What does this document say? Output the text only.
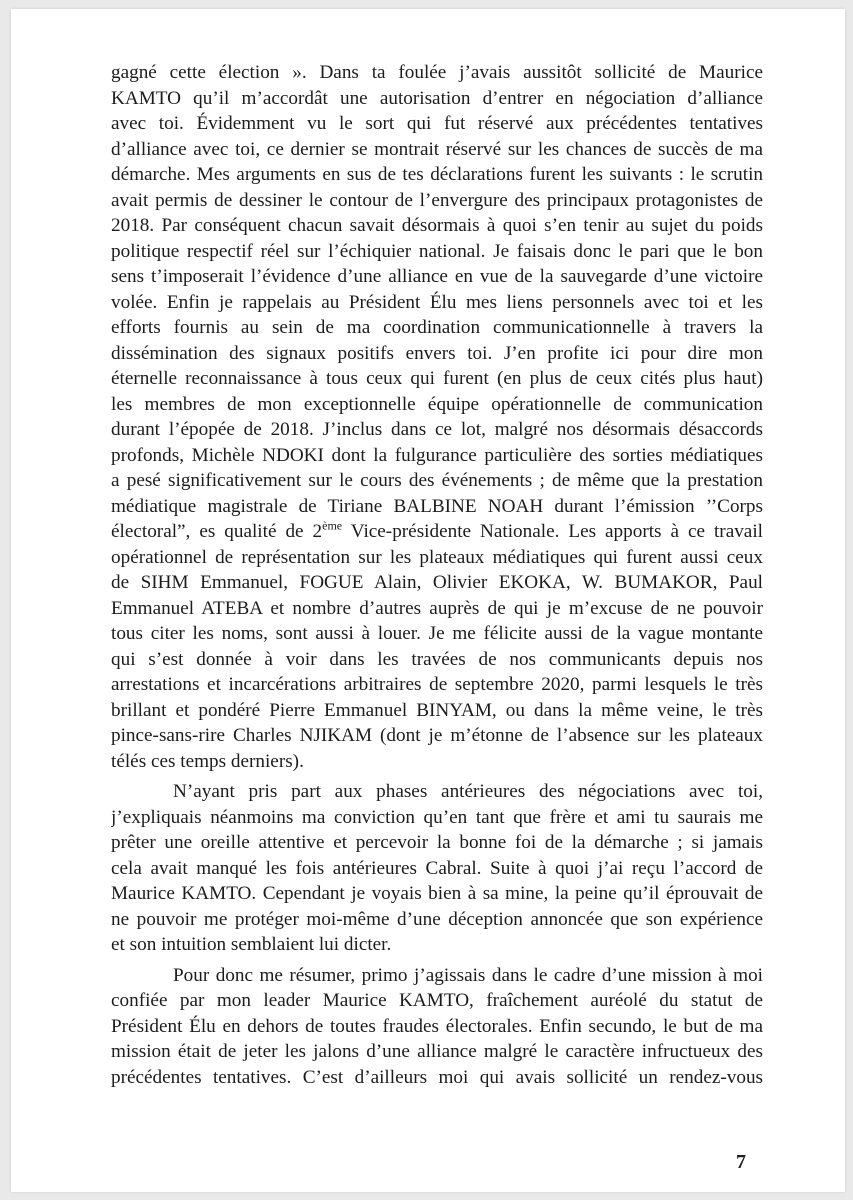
gagné cette élection ». Dans ta foulée j’avais aussitôt sollicité de Maurice
KAMTO qu’il m’accordât une autorisation d’entrer en négociation d’alliance
avec toi. Évidemment vu le sort qui fut réservé aux précédentes tentatives
d’alliance avec toi, ce dernier se montrait réservé sur les chances de succès de ma
démarche. Mes arguments en sus de tes déclarations furent les suivants : le scrutin
avait permis de dessiner le contour de l’envergure des principaux protagonistes de
2018. Par conséquent chacun savait désormais à quoi s’en tenir au sujet du poids
politique respectif réel sur l’échiquier national. Je faisais donc le pari que le bon
sens t’imposerait l’évidence d’une alliance en vue de la sauvegarde d’une victoire
volée. Enfin je rappelais au Président Élu mes liens personnels avec toi et les
efforts fournis au sein de ma coordination communicationnelle à travers la
dissémination des signaux positifs envers toi. J’en profite ici pour dire mon
éternelle reconnaissance à tous ceux qui furent (en plus de ceux cités plus haut)
les membres de mon exceptionnelle équipe opérationnelle de communication
durant l’épopée de 2018. J’inclus dans ce lot, malgré nos désormais désaccords
profonds, Michèle NDOKI dont la fulgurance particulière des sorties médiatiques
a pesé significativement sur le cours des événements ; de même que la prestation
médiatique magistrale de Tiriane BALBINE NOAH durant l’émission ’’Corps
électoral”, es qualité de 2ème Vice-présidente Nationale. Les apports à ce travail
opérationnel de représentation sur les plateaux médiatiques qui furent aussi ceux
de SIHM Emmanuel, FOGUE Alain, Olivier EKOKA, W. BUMAKOR, Paul
Emmanuel ATEBA et nombre d’autres auprès de qui je m’excuse de ne pouvoir
tous citer les noms, sont aussi à louer. Je me félicite aussi de la vague montante
qui s’est donnée à voir dans les travées de nos communicants depuis nos
arrestations et incarcérations arbitraires de septembre 2020, parmi lesquels le très
brillant et pondéré Pierre Emmanuel BINYAM, ou dans la même veine, le très
pince-sans-rire Charles NJIKAM (dont je m’étonne de l’absence sur les plateaux
télés ces temps derniers).
N’ayant pris part aux phases antérieures des négociations avec toi,
j’expliquais néanmoins ma conviction qu’en tant que frère et ami tu saurais me
prêter une oreille attentive et percevoir la bonne foi de la démarche ; si jamais
cela avait manqué les fois antérieures Cabral. Suite à quoi j’ai reçu l’accord de
Maurice KAMTO. Cependant je voyais bien à sa mine, la peine qu’il éprouvait de
ne pouvoir me protéger moi-même d’une déception annoncée que son expérience
et son intuition semblaient lui dicter.
Pour donc me résumer, primo j’agissais dans le cadre d’une mission à moi
confiée par mon leader Maurice KAMTO, fraîchement auréolé du statut de
Président Élu en dehors de toutes fraudes électorales. Enfin secundo, le but de ma
mission était de jeter les jalons d’une alliance malgré le caractère infructueux des
précédentes tentatives. C’est d’ailleurs moi qui avais sollicité un rendez-vous
7
